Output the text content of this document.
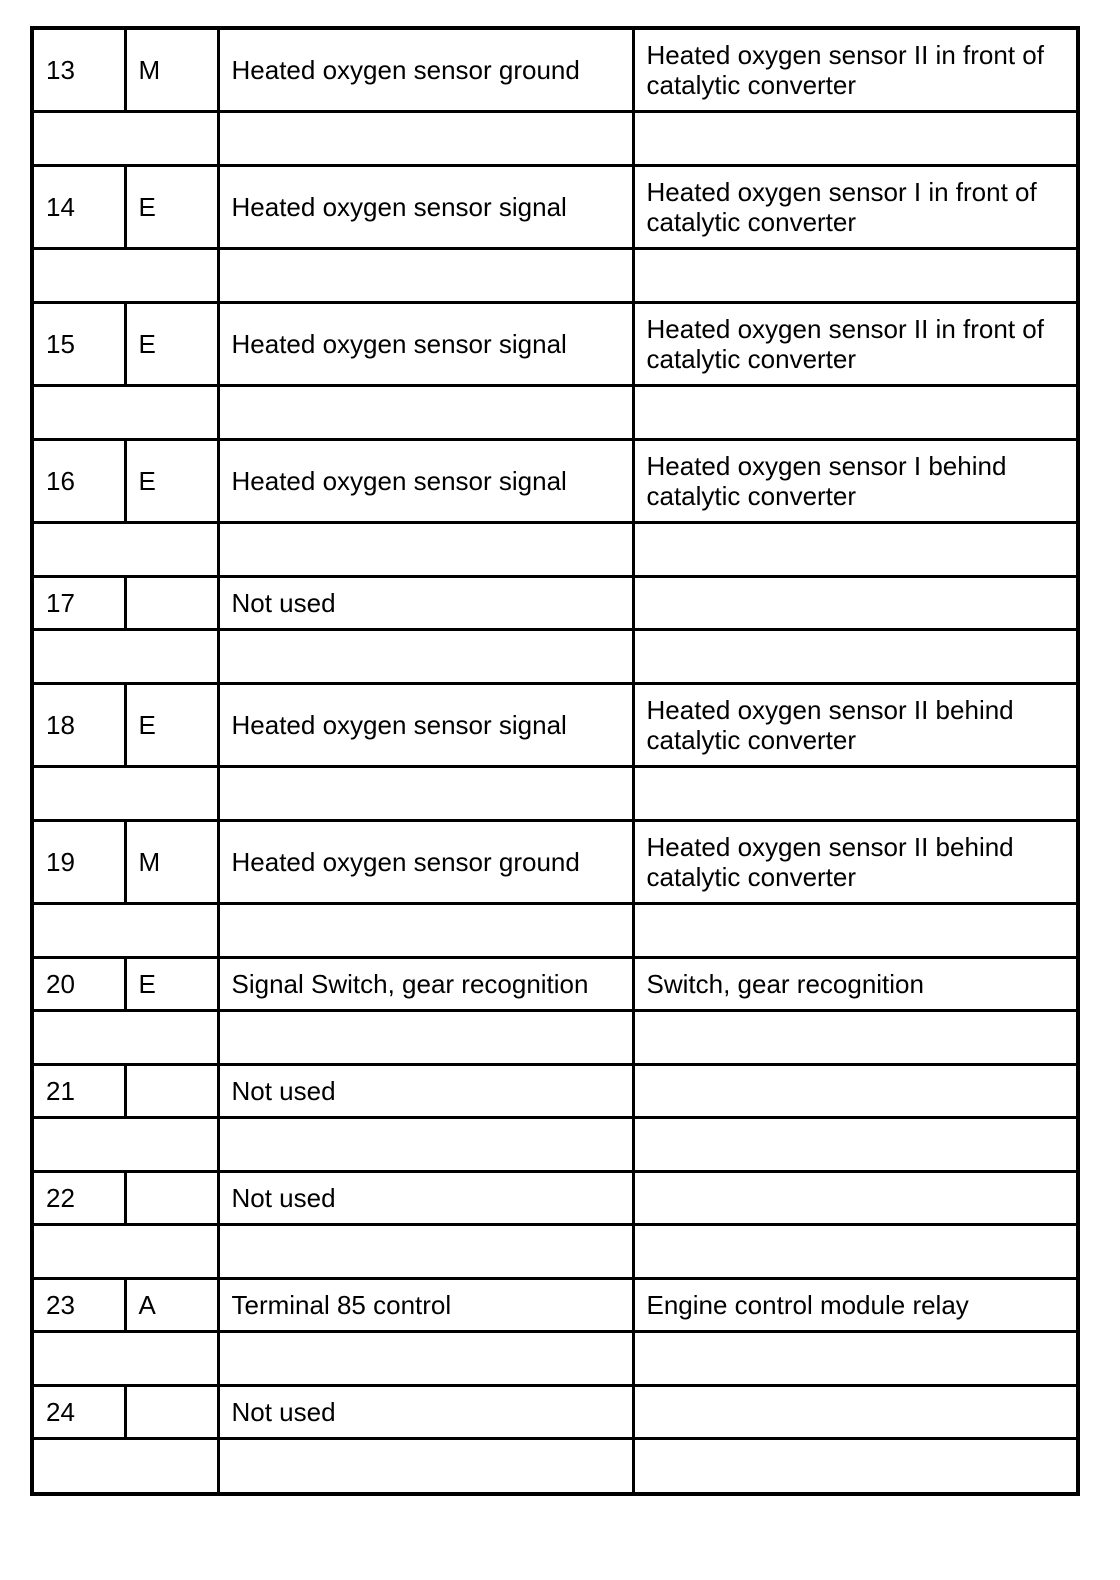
13	M	Heated oxygen sensor ground	Heated oxygen sensor II in front of catalytic converter

14	E	Heated oxygen sensor signal	Heated oxygen sensor I in front of catalytic converter

15	E	Heated oxygen sensor signal	Heated oxygen sensor II in front of catalytic converter

16	E	Heated oxygen sensor signal	Heated oxygen sensor I behind catalytic converter

17		Not used	

18	E	Heated oxygen sensor signal	Heated oxygen sensor II behind catalytic converter

19	M	Heated oxygen sensor ground	Heated oxygen sensor II behind catalytic converter

20	E	Signal Switch, gear recognition	Switch, gear recognition

21		Not used	

22		Not used	

23	A	Terminal 85 control	Engine control module relay

24		Not used	
